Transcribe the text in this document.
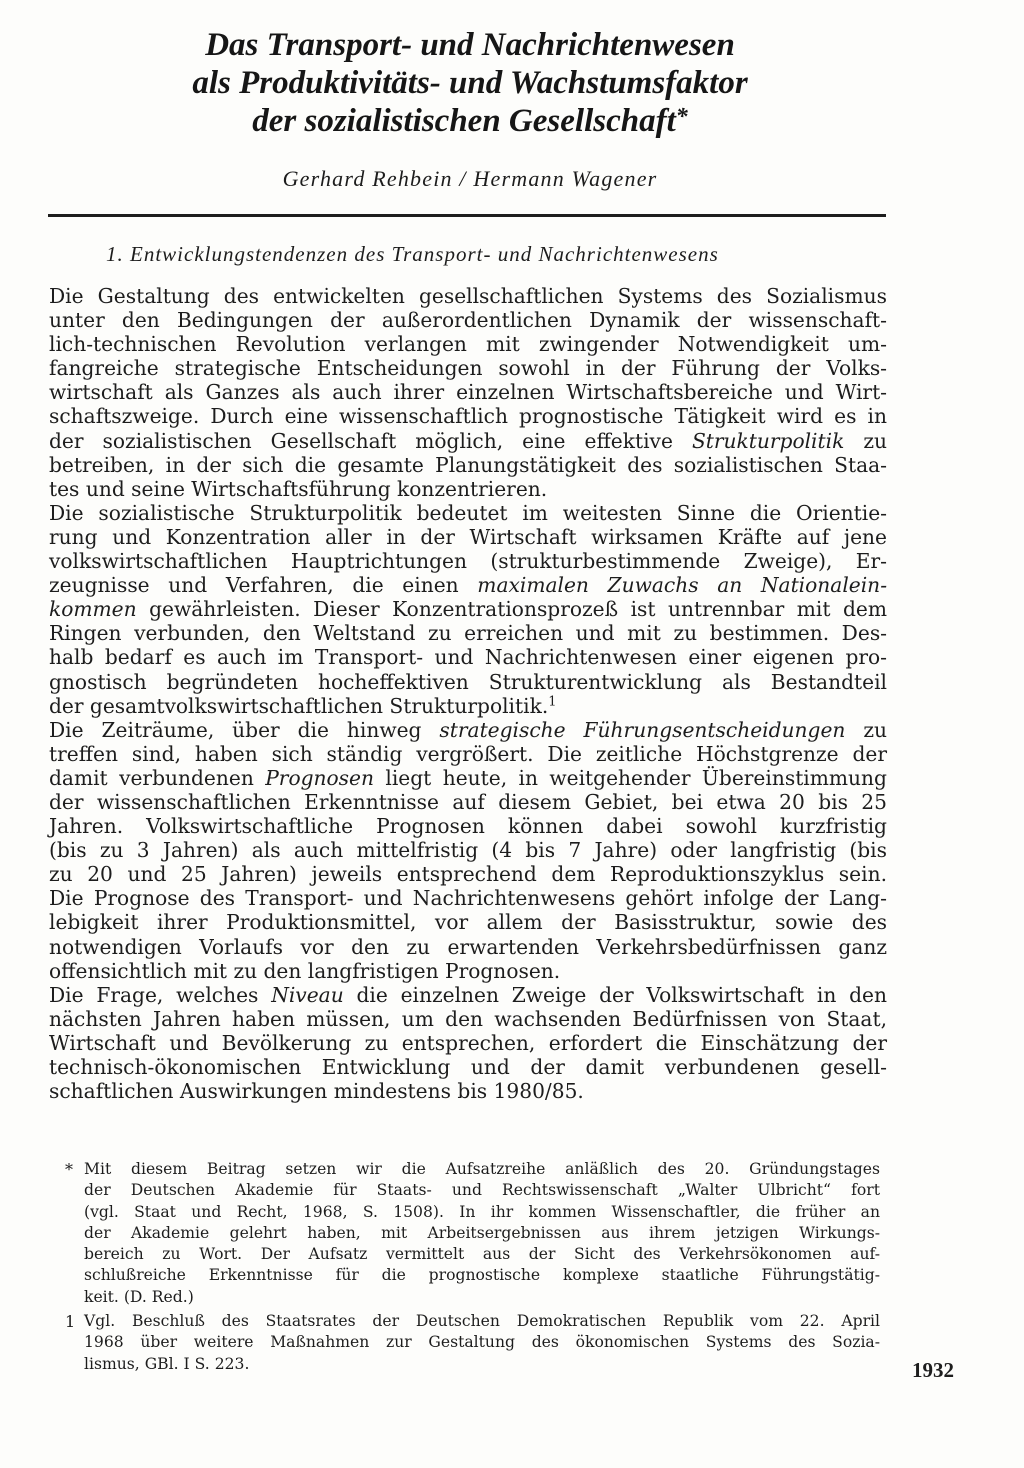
Das Transport- und Nachrichtenwesen
als Produktivitäts- und Wachstumsfaktor
der sozialistischen Gesellschaft*
Gerhard Rehbein / Hermann Wagener
1. Entwicklungstendenzen des Transport- und Nachrichtenwesens
Die Gestaltung des entwickelten gesellschaftlichen Systems des Sozialismus
unter den Bedingungen der außerordentlichen Dynamik der wissenschaft-
lich-technischen Revolution verlangen mit zwingender Notwendigkeit um-
fangreiche strategische Entscheidungen sowohl in der Führung der Volks-
wirtschaft als Ganzes als auch ihrer einzelnen Wirtschaftsbereiche und Wirt-
schaftszweige. Durch eine wissenschaftlich prognostische Tätigkeit wird es in
der sozialistischen Gesellschaft möglich, eine effektive Strukturpolitik zu
betreiben, in der sich die gesamte Planungstätigkeit des sozialistischen Staa-
tes und seine Wirtschaftsführung konzentrieren.
Die sozialistische Strukturpolitik bedeutet im weitesten Sinne die Orientie-
rung und Konzentration aller in der Wirtschaft wirksamen Kräfte auf jene
volkswirtschaftlichen Hauptrichtungen (strukturbestimmende Zweige), Er-
zeugnisse und Verfahren, die einen maximalen Zuwachs an Nationalein-
kommen gewährleisten. Dieser Konzentrationsprozeß ist untrennbar mit dem
Ringen verbunden, den Weltstand zu erreichen und mit zu bestimmen. Des-
halb bedarf es auch im Transport- und Nachrichtenwesen einer eigenen pro-
gnostisch begründeten hocheffektiven Strukturentwicklung als Bestandteil
der gesamtvolkswirtschaftlichen Strukturpolitik.$^1$
Die Zeiträume, über die hinweg strategische Führungsentscheidungen zu
treffen sind, haben sich ständig vergrößert. Die zeitliche Höchstgrenze der
damit verbundenen Prognosen liegt heute, in weitgehender Übereinstimmung
der wissenschaftlichen Erkenntnisse auf diesem Gebiet, bei etwa 20 bis 25
Jahren. Volkswirtschaftliche Prognosen können dabei sowohl kurzfristig
(bis zu 3 Jahren) als auch mittelfristig (4 bis 7 Jahre) oder langfristig (bis
zu 20 und 25 Jahren) jeweils entsprechend dem Reproduktionszyklus sein.
Die Prognose des Transport- und Nachrichtenwesens gehört infolge der Lang-
lebigkeit ihrer Produktionsmittel, vor allem der Basisstruktur, sowie des
notwendigen Vorlaufs vor den zu erwartenden Verkehrsbedürfnissen ganz
offensichtlich mit zu den langfristigen Prognosen.
Die Frage, welches Niveau die einzelnen Zweige der Volkswirtschaft in den
nächsten Jahren haben müssen, um den wachsenden Bedürfnissen von Staat,
Wirtschaft und Bevölkerung zu entsprechen, erfordert die Einschätzung der
technisch-ökonomischen Entwicklung und der damit verbundenen gesell-
schaftlichen Auswirkungen mindestens bis 1980/85.
* Mit diesem Beitrag setzen wir die Aufsatzreihe anläßlich des 20. Gründungstages
der Deutschen Akademie für Staats- und Rechtswissenschaft „Walter Ulbricht“ fort
(vgl. Staat und Recht, 1968, S. 1508). In ihr kommen Wissenschaftler, die früher an
der Akademie gelehrt haben, mit Arbeitsergebnissen aus ihrem jetzigen Wirkungs-
bereich zu Wort. Der Aufsatz vermittelt aus der Sicht des Verkehrsökonomen auf-
schlußreiche Erkenntnisse für die prognostische komplexe staatliche Führungstätig-
keit. (D. Red.)
1 Vgl. Beschluß des Staatsrates der Deutschen Demokratischen Republik vom 22. April
1968 über weitere Maßnahmen zur Gestaltung des ökonomischen Systems des Sozia-
lismus, GBl. I S. 223.	1932
